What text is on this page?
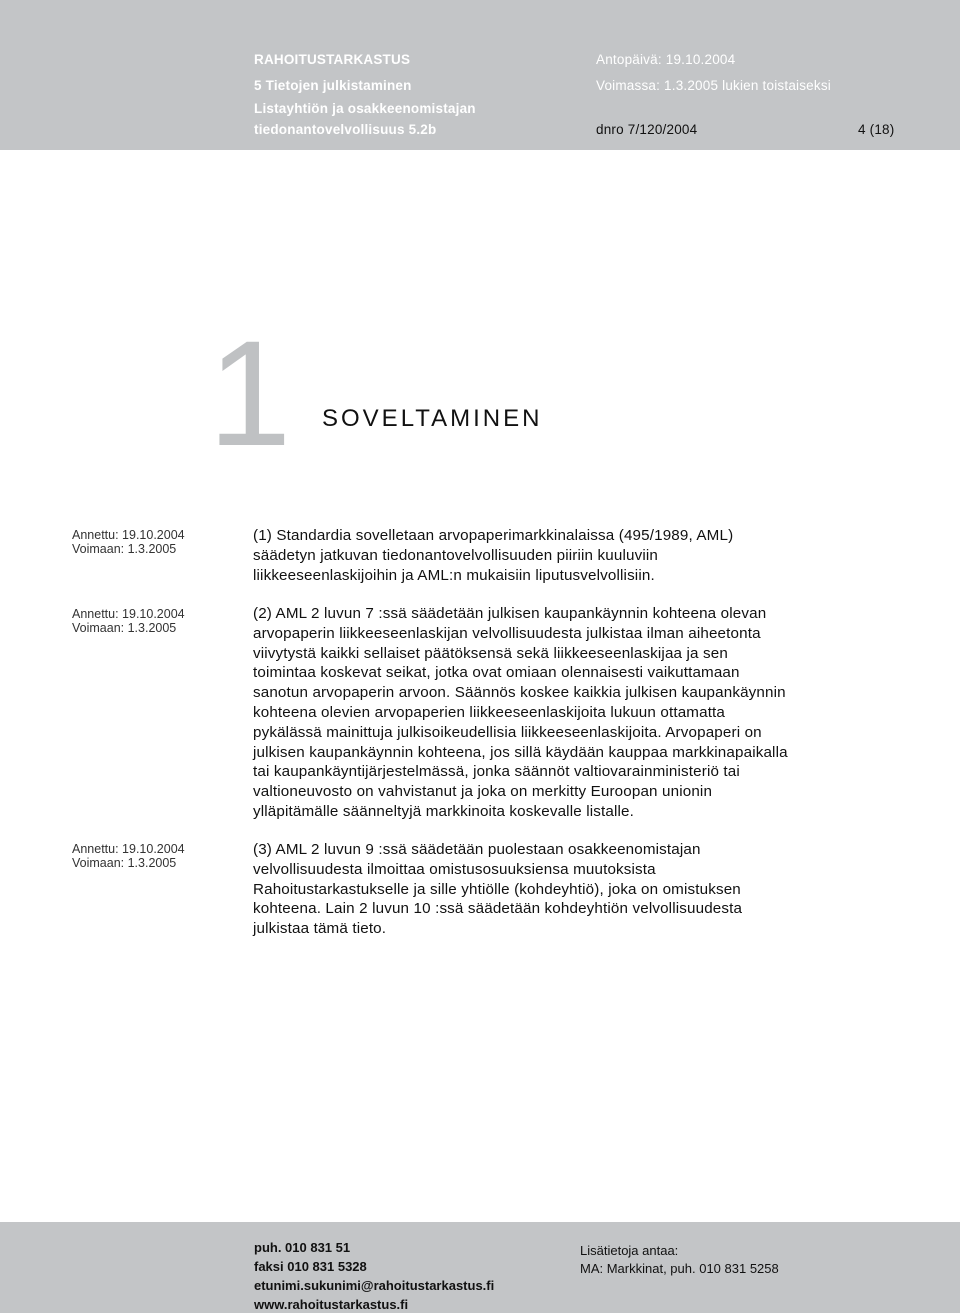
RAHOITUSTARKASTUS
5 Tietojen julkistaminen
Listayhtiön ja osakkeenomistajan
tiedonantovelvollisuus 5.2b
Antopäivä: 19.10.2004
Voimassa: 1.3.2005 lukien toistaiseksi
dnro 7/120/2004	4 (18)
1 SOVELTAMINEN
Annettu: 19.10.2004
Voimaan: 1.3.2005
(1) Standardia sovelletaan arvopaperimarkkinalaissa (495/1989, AML)
säädetyn jatkuvan tiedonantovelvollisuuden piiriin kuuluviin
liikkeeseenlaskijoihin ja AML:n mukaisiin liputusvelvollisiin.
Annettu: 19.10.2004
Voimaan: 1.3.2005
(2) AML 2 luvun 7 :ssä säädetään julkisen kaupankäynnin kohteena olevan
arvopaperin liikkeeseenlaskijan velvollisuudesta julkistaa ilman aiheetonta
viivytystä kaikki sellaiset päätöksensä sekä liikkeeseenlaskijaa ja sen
toimintaa koskevat seikat, jotka ovat omiaan olennaisesti vaikuttamaan
sanotun arvopaperin arvoon. Säännös koskee kaikkia julkisen kaupankäynnin
kohteena olevien arvopaperien liikkeeseenlaskijoita lukuun ottamatta
pykälässä mainittuja julkisoikeudellisia liikkeeseenlaskijoita. Arvopaperi on
julkisen kaupankäynnin kohteena, jos sillä käydään kauppaa markkinapaikalla
tai kaupankäyntijärjestelmässä, jonka säännöt valtiovarainministeriö tai
valtioneuvosto on vahvistanut ja joka on merkitty Euroopan unionin
ylläpitämälle säänneltyjä markkinoita koskevalle listalle.
Annettu: 19.10.2004
Voimaan: 1.3.2005
(3) AML 2 luvun 9 :ssä säädetään puolestaan osakkeenomistajan
velvollisuudesta ilmoittaa omistusosuuksiensa muutoksista
Rahoitustarkastukselle ja sille yhtiölle (kohdeyhtiö), joka on omistuksen
kohteena. Lain 2 luvun 10 :ssä säädetään kohdeyhtiön velvollisuudesta
julkistaa tämä tieto.
puh. 010 831 51
faksi 010 831 5328
etunimi.sukunimi@rahoitustarkastus.fi
www.rahoitustarkastus.fi
Lisätietoja antaa:
MA: Markkinat, puh. 010 831 5258
